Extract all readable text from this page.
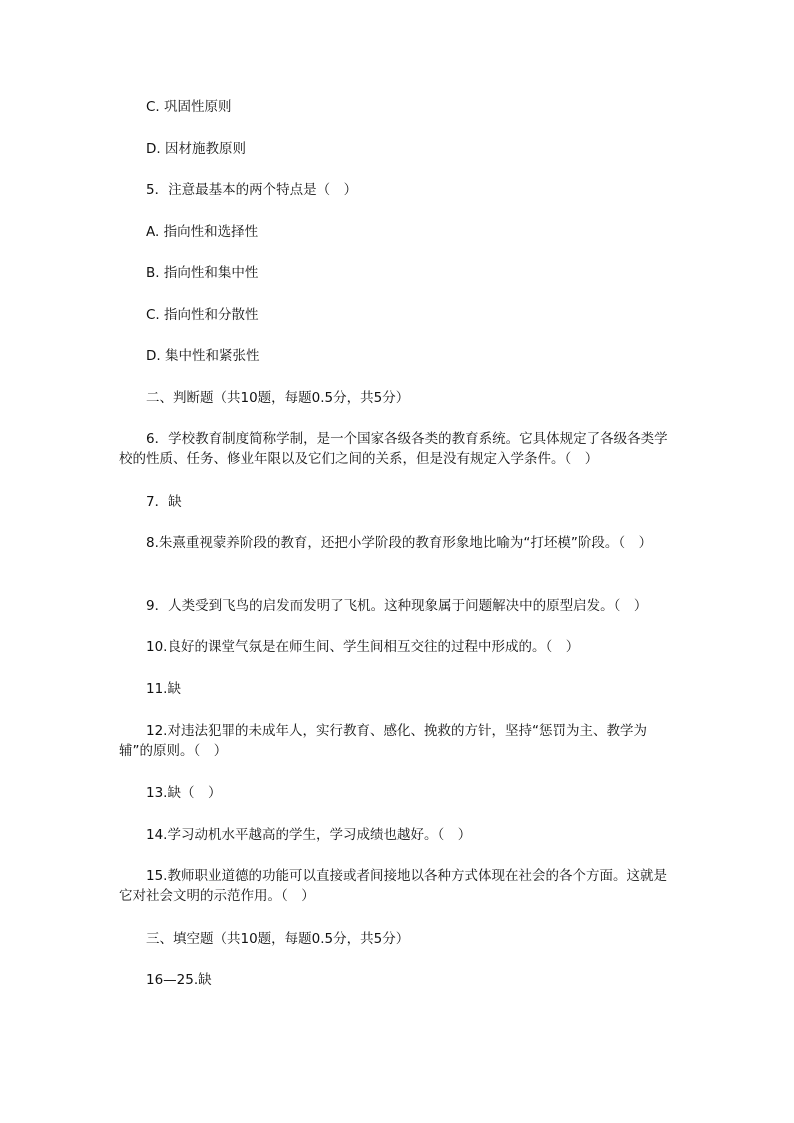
C. 巩固性原则
D. 因材施教原则
5．注意最基本的两个特点是（　）
A. 指向性和选择性
B. 指向性和集中性
C. 指向性和分散性
D. 集中性和紧张性
二、判断题（共10题，每题0.5分，共5分）
6．学校教育制度简称学制，是一个国家各级各类的教育系统。它具体规定了各级各类学校的性质、任务、修业年限以及它们之间的关系，但是没有规定入学条件。（　）
7．缺
8.朱熹重视蒙养阶段的教育，还把小学阶段的教育形象地比喻为“打坯模”阶段。（　）
9．人类受到飞鸟的启发而发明了飞机。这种现象属于问题解决中的原型启发。（　）
10.良好的课堂气氛是在师生间、学生间相互交往的过程中形成的。（　）
11.缺
12.对违法犯罪的未成年人，实行教育、感化、挽救的方针，坚持“惩罚为主、教学为辅”的原则。（　）
13.缺（　）
14.学习动机水平越高的学生，学习成绩也越好。（　）
15.教师职业道德的功能可以直接或者间接地以各种方式体现在社会的各个方面。这就是它对社会文明的示范作用。（　）
三、填空题（共10题，每题0.5分，共5分）
16—25.缺
